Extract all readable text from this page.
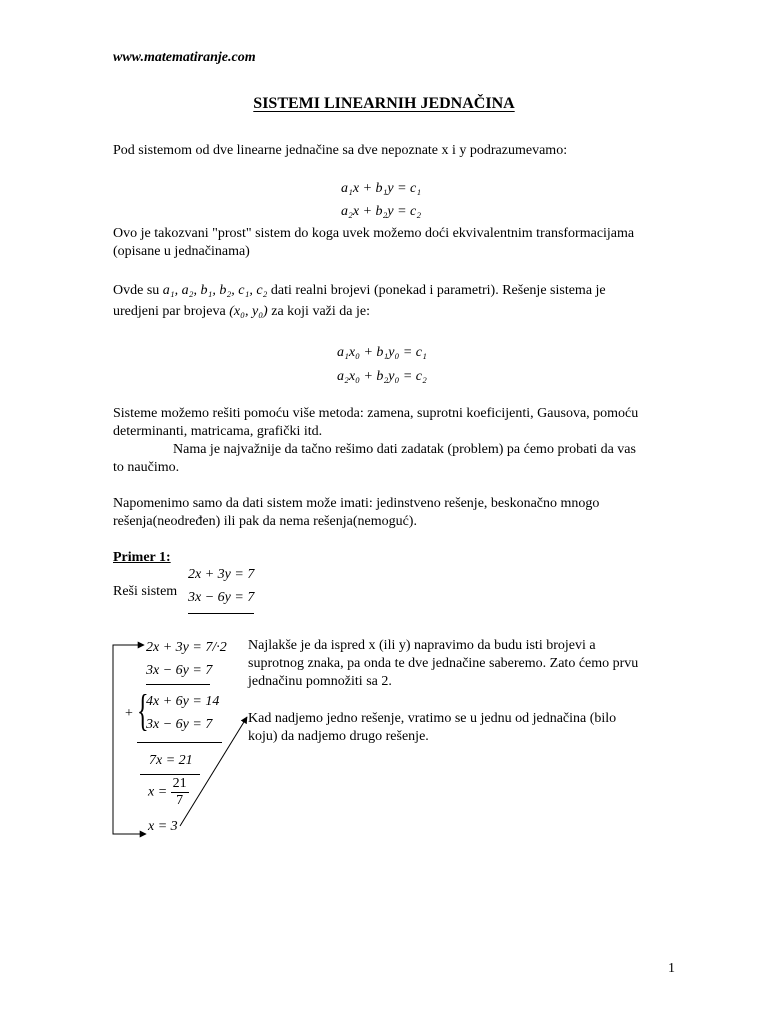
www.matematiranje.com
SISTEMI LINEARNIH JEDNAČINA
Pod sistemom od dve linearne jednačine sa dve nepoznate x i y podrazumevamo:
a₁x + b₁y = c₁
a₂x + b₂y = c₂
Ovo je takozvani "prost" sistem do koga uvek možemo doći ekvivalentnim transformacijama (opisane u jednačinama)
Ovde su a₁, a₂, b₁, b₂, c₁, c₂ dati realni brojevi (ponekad i parametri). Rešenje sistema je uredjeni par brojeva (x₀, y₀) za koji važi da je:
a₁x₀ + b₁y₀ = c₁
a₂x₀ + b₂y₀ = c₂
Sisteme možemo rešiti pomoću više metoda: zamena, suprotni koeficijenti, Gausova, pomoću determinanti, matricama, grafički itd.
Nama je najvažnije da tačno rešimo dati zadatak (problem) pa ćemo probati da vas to naučimo.
Napomenimo samo da dati sistem može imati: jedinstveno rešenje, beskonačno mnogo rešenja(neodređen) ili pak da nema rešenja(nemoguć).
Primer 1:
2x + 3y = 7
Reši sistem 3x − 6y = 7
2x + 3y = 7/·2
3x − 6y = 7
+ {
4x + 6y = 14
3x − 6y = 7
7x = 21
$x = \frac{21}{7}$
x = 3
Najlakše je da ispred x (ili y) napravimo da budu isti brojevi a suprotnog znaka, pa onda te dve jednačine saberemo. Zato ćemo prvu jednačinu pomnožiti sa 2.
Kad nadjemo jedno rešenje, vratimo se u jednu od jednačina (bilo koju) da nadjemo drugo rešenje.
1
